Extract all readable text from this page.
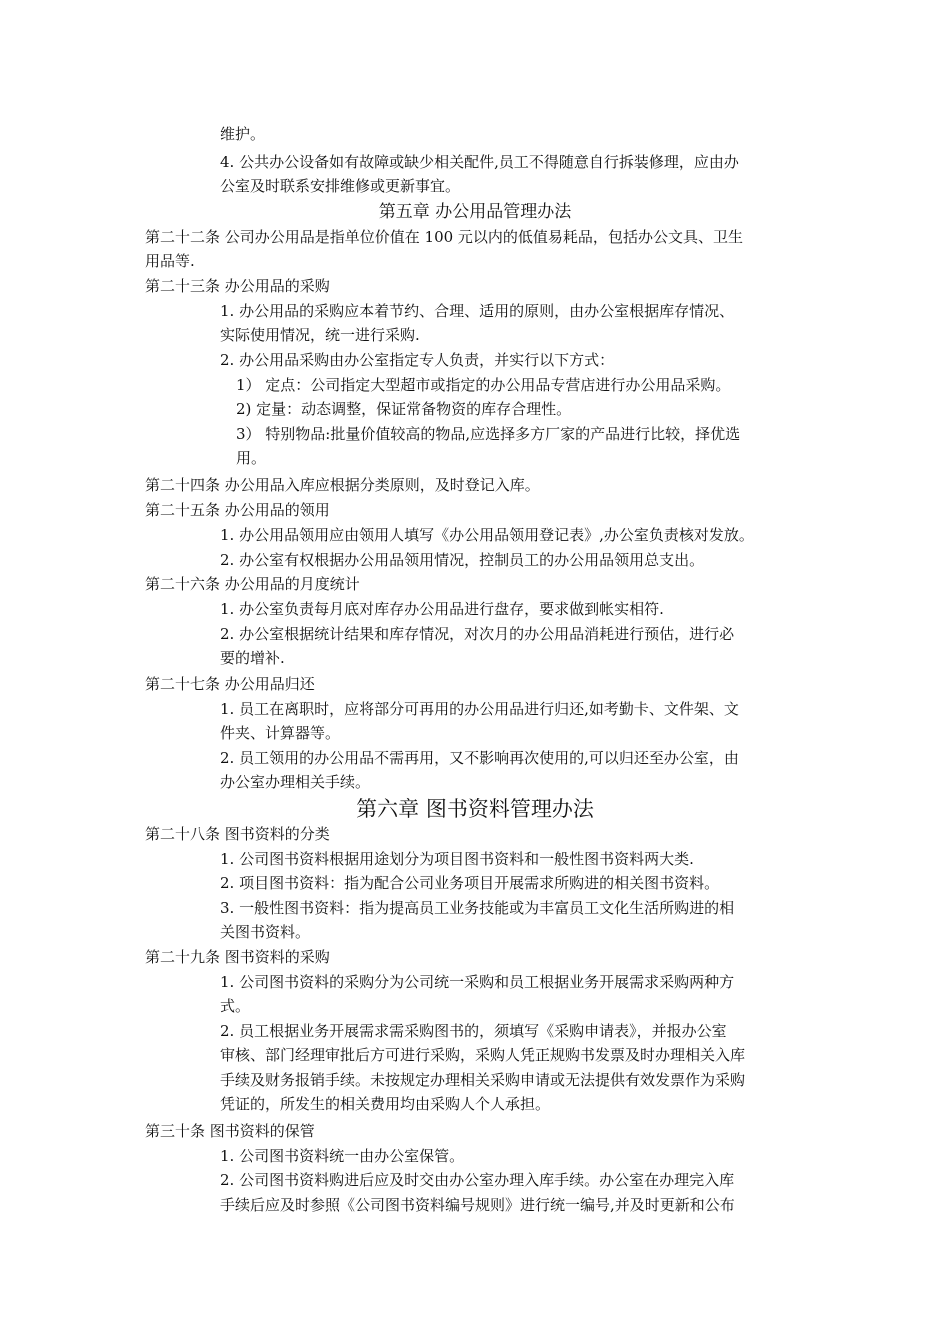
维护。
4. 公共办公设备如有故障或缺少相关配件,员工不得随意自行拆装修理，应由办
公室及时联系安排维修或更新事宜。
第五章 办公用品管理办法
第二十二条 公司办公用品是指单位价值在 100 元以内的低值易耗品，包括办公文具、卫生
用品等.
第二十三条 办公用品的采购
1. 办公用品的采购应本着节约、合理、适用的原则，由办公室根据库存情况、
实际使用情况，统一进行采购.
2. 办公用品采购由办公室指定专人负责，并实行以下方式：
1） 定点：公司指定大型超市或指定的办公用品专营店进行办公用品采购。
2) 定量：动态调整，保证常备物资的库存合理性。
3） 特别物品:批量价值较高的物品,应选择多方厂家的产品进行比较，择优选
用。
第二十四条 办公用品入库应根据分类原则，及时登记入库。
第二十五条 办公用品的领用
1. 办公用品领用应由领用人填写《办公用品领用登记表》,办公室负责核对发放。
2. 办公室有权根据办公用品领用情况，控制员工的办公用品领用总支出。
第二十六条 办公用品的月度统计
1. 办公室负责每月底对库存办公用品进行盘存，要求做到帐实相符.
2. 办公室根据统计结果和库存情况，对次月的办公用品消耗进行预估，进行必
要的增补.
第二十七条 办公用品归还
1. 员工在离职时，应将部分可再用的办公用品进行归还,如考勤卡、文件架、文
件夹、计算器等。
2. 员工领用的办公用品不需再用，又不影响再次使用的,可以归还至办公室，由
办公室办理相关手续。
第六章 图书资料管理办法
第二十八条 图书资料的分类
1. 公司图书资料根据用途划分为项目图书资料和一般性图书资料两大类.
2. 项目图书资料：指为配合公司业务项目开展需求所购进的相关图书资料。
3. 一般性图书资料：指为提高员工业务技能或为丰富员工文化生活所购进的相
关图书资料。
第二十九条 图书资料的采购
1. 公司图书资料的采购分为公司统一采购和员工根据业务开展需求采购两种方
式。
2. 员工根据业务开展需求需采购图书的，须填写《采购申请表》，并报办公室
审核、部门经理审批后方可进行采购，采购人凭正规购书发票及时办理相关入库
手续及财务报销手续。未按规定办理相关采购申请或无法提供有效发票作为采购
凭证的，所发生的相关费用均由采购人个人承担。
第三十条 图书资料的保管
1. 公司图书资料统一由办公室保管。
2. 公司图书资料购进后应及时交由办公室办理入库手续。办公室在办理完入库
手续后应及时参照《公司图书资料编号规则》进行统一编号,并及时更新和公布
